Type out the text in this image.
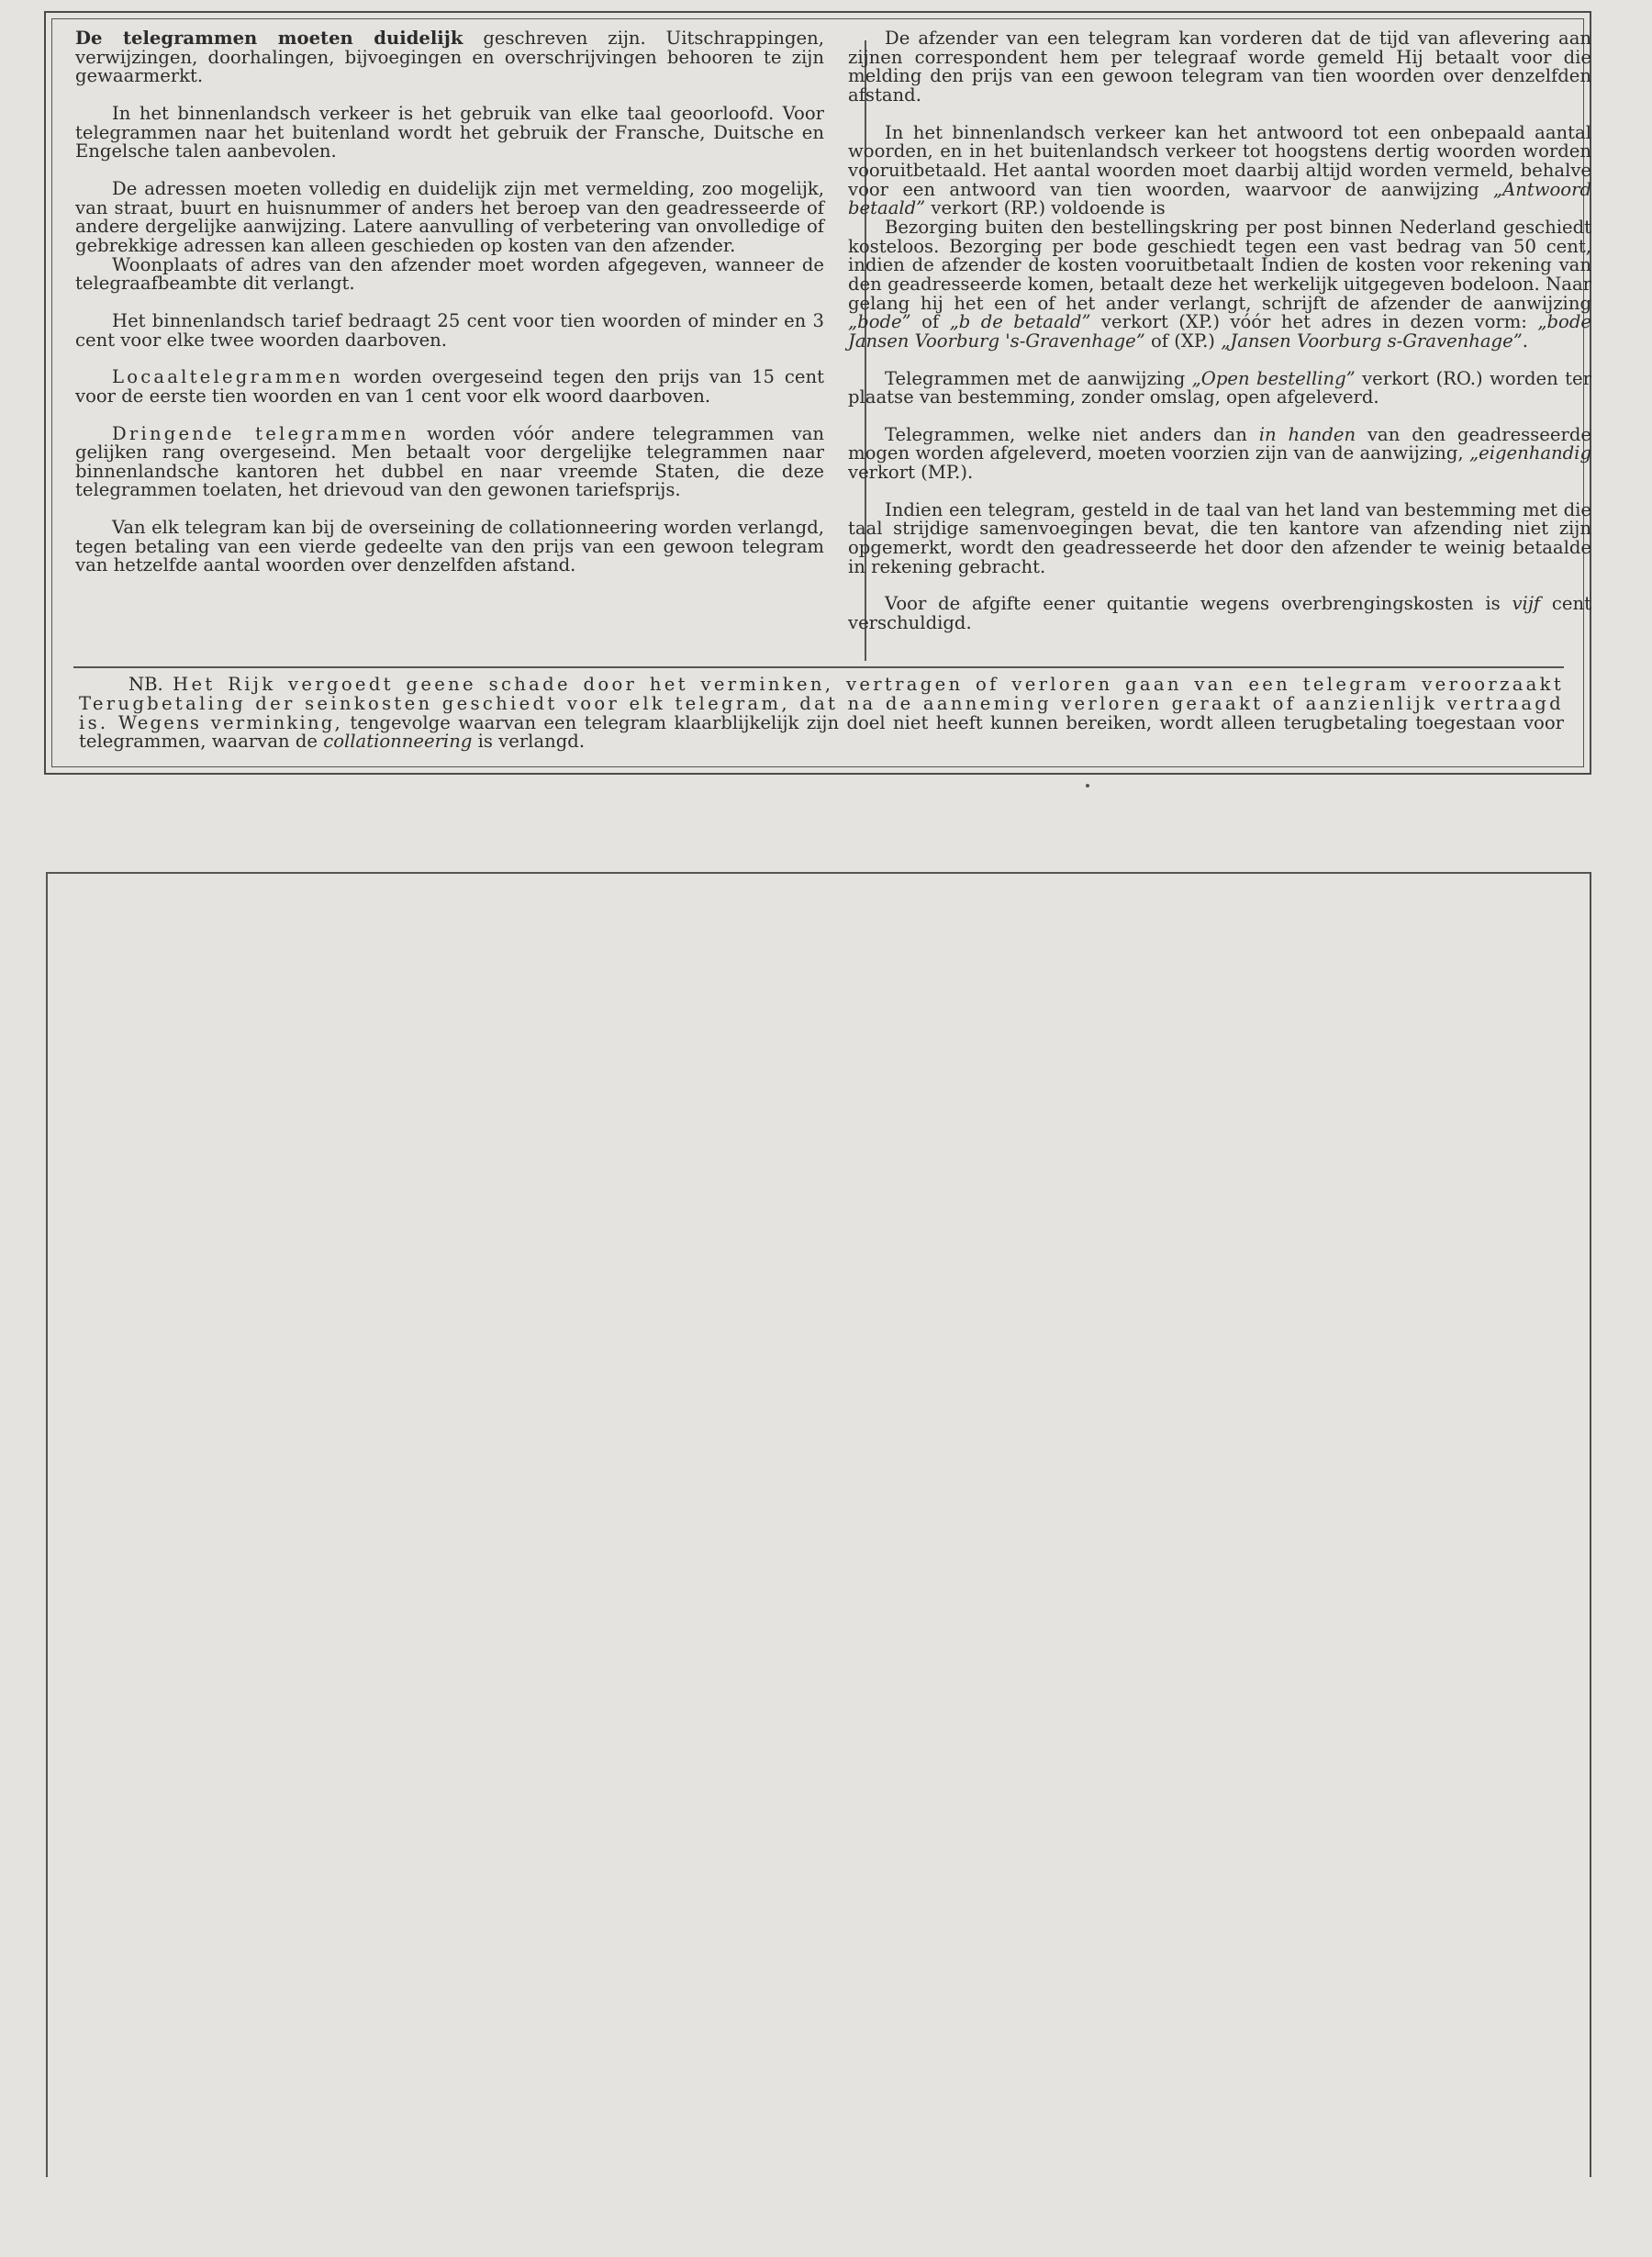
De telegrammen moeten duidelijk geschreven zijn. Uitschrappingen, verwijzingen, doorhalingen, bijvoegingen en overschrijvingen behooren te zijn gewaarmerkt.

In het binnenlandsch verkeer is het gebruik van elke taal geoorloofd. Voor telegrammen naar het buitenland wordt het gebruik der Fransche, Duitsche en Engelsche talen aanbevolen.

De adressen moeten volledig en duidelijk zijn met vermelding, zoo mogelijk, van straat, buurt en huisnummer of anders het beroep van den geadresseerde of andere dergelijke aanwijzing. Latere aanvulling of verbetering van onvolledige of gebrekkige adressen kan alleen geschieden op kosten van den afzender.

Woonplaats of adres van den afzender moet worden afgegeven, wanneer de telegraafbeambte dit verlangt.

Het binnenlandsch tarief bedraagt 25 cent voor tien woorden of minder en 3 cent voor elke twee woorden daarboven.

Locaaltelegrammen worden overgeseind tegen den prijs van 15 cent voor de eerste tien woorden en van 1 cent voor elk woord daarboven.

Dringende telegrammen worden vóór andere telegrammen van gelijken rang overgeseind. Men betaalt voor dergelijke telegrammen naar binnenlandsche kantoren het dubbel en naar vreemde Staten, die deze telegrammen toelaten, het drievoud van den gewonen tariefsprijs.

Van elk telegram kan bij de overseining de collationneering worden verlangd, tegen betaling van een vierde gedeelte van den prijs van een gewoon telegram van hetzelfde aantal woorden over denzelfden afstand.

De afzender van een telegram kan vorderen dat de tijd van aflevering aan zijnen correspondent hem per telegraaf worde gemeld Hij betaalt voor die melding den prijs van een gewoon telegram van tien woorden over denzelfden afstand.

In het binnenlandsch verkeer kan het antwoord tot een onbepaald aantal woorden, en in het buitenlandsch verkeer tot hoogstens dertig woorden worden vooruitbetaald. Het aantal woorden moet daarbij altijd worden vermeld, behalve voor een antwoord van tien woorden, waarvoor de aanwijzing „Antwoord betaald” verkort (RP.) voldoende is

Bezorging buiten den bestellingskring per post binnen Nederland geschiedt kosteloos. Bezorging per bode geschiedt tegen een vast bedrag van 50 cent, indien de afzender de kosten vooruitbetaalt Indien de kosten voor rekening van den geadresseerde komen, betaalt deze het werkelijk uitgegeven bodeloon. Naar gelang hij het een of het ander verlangt, schrijft de afzender de aanwijzing „bode” of „b de betaald” verkort (XP.) vóór het adres in dezen vorm: „bode Jansen Voorburg 's-Gravenhage” of (XP.) „Jansen Voorburg s-Gravenhage”.

Telegrammen met de aanwijzing „Open bestelling” verkort (RO.) worden ter plaatse van bestemming, zonder omslag, open afgeleverd.

Telegrammen, welke niet anders dan in handen van den geadresseerde mogen worden afgeleverd, moeten voorzien zijn van de aanwijzing, „eigenhandig verkort (MP.).

Indien een telegram, gesteld in de taal van het land van bestemming met die taal strijdige samenvoegingen bevat, die ten kantore van afzending niet zijn opgemerkt, wordt den geadresseerde het door den afzender te weinig betaalde in rekening gebracht.

Voor de afgifte eener quitantie wegens overbrengingskosten is vijf cent verschuldigd.

NB. Het Rijk vergoedt geene schade door het verminken, vertragen of verloren gaan van een telegram veroorzaakt Terugbetaling der seinkosten geschiedt voor elk telegram, dat na de aanneming verloren geraakt of aanzienlijk vertraagd is. Wegens verminking, tengevolge waarvan een telegram klaarblijkelijk zijn doel niet heeft kunnen bereiken, wordt alleen terugbetaling toegestaan voor telegrammen, waarvan de collationneering is verlangd.
